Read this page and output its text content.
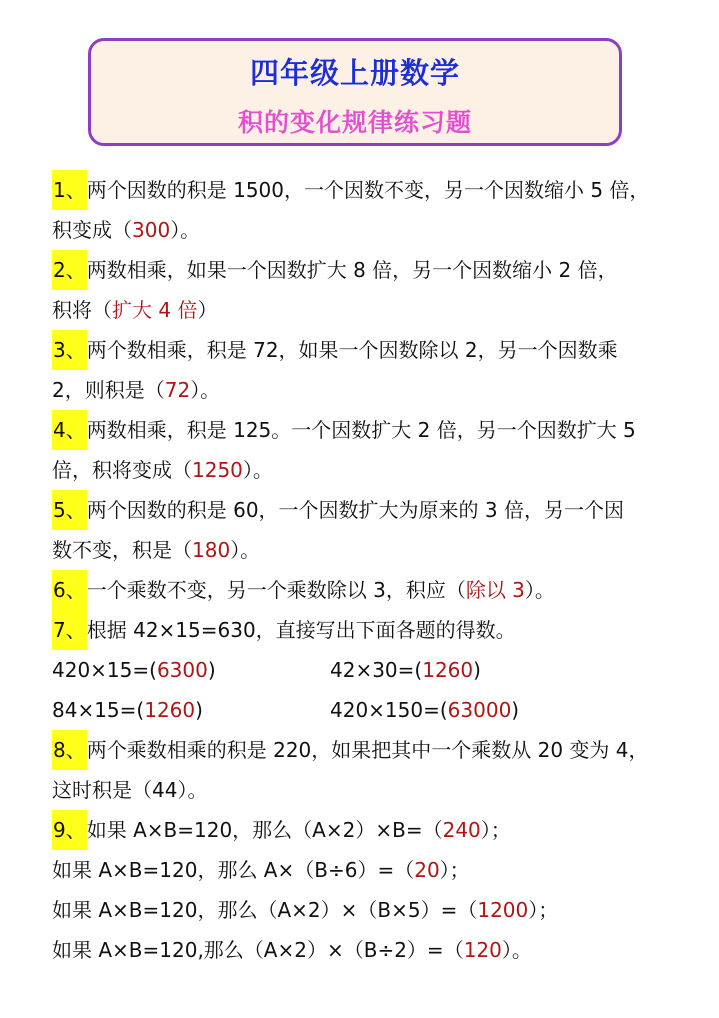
四年级上册数学
积的变化规律练习题
1、两个因数的积是 1500，一个因数不变，另一个因数缩小 5 倍，
积变成（300）。
2、两数相乘，如果一个因数扩大 8 倍，另一个因数缩小 2 倍，
积将（扩大 4 倍）
3、两个数相乘，积是 72，如果一个因数除以 2，另一个因数乘
2，则积是（72）。
4、两数相乘，积是 125。一个因数扩大 2 倍，另一个因数扩大 5
倍，积将变成（1250）。
5、两个因数的积是 60，一个因数扩大为原来的 3 倍，另一个因
数不变，积是（180）。
6、一个乘数不变，另一个乘数除以 3，积应（除以 3）。
7、根据 42×15=630，直接写出下面各题的得数。
420×15=(6300)	42×30=(1260)
84×15=(1260)	420×150=(63000)
8、两个乘数相乘的积是 220，如果把其中一个乘数从 20 变为 4，
这时积是（44）。
9、如果 A×B=120，那么（A×2）×B=（240）；
如果 A×B=120，那么 A×（B÷6）=（20）；
如果 A×B=120，那么（A×2）×（B×5）=（1200）；
如果 A×B=120,那么（A×2）×（B÷2）=（120）。
